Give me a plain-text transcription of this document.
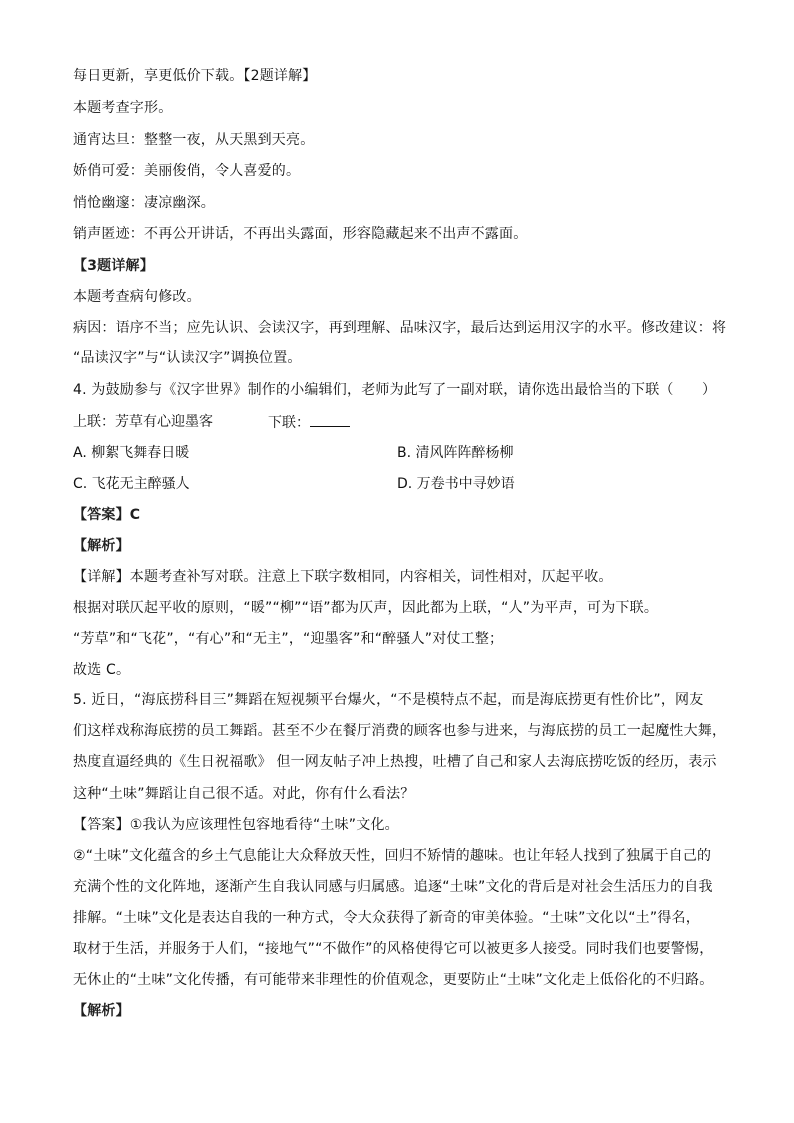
每日更新，享更低价下载。【2题详解】
本题考查字形。
通宵达旦：整整一夜，从天黑到天亮。
娇俏可爱：美丽俊俏，令人喜爱的。
悄怆幽邃：凄凉幽深。
销声匿迹：不再公开讲话，不再出头露面，形容隐藏起来不出声不露面。
【3题详解】
本题考查病句修改。
病因：语序不当；应先认识、会读汉字，再到理解、品味汉字，最后达到运用汉字的水平。修改建议：将
“品读汉字”与“认读汉字”调换位置。
4. 为鼓励参与《汉字世界》制作的小编辑们，老师为此写了一副对联，请你选出最恰当的下联（　　）
上联：芳草有心迎墨客	下联：
A. 柳絮飞舞春日暖	B. 清风阵阵醉杨柳
C. 飞花无主醉骚人	D. 万卷书中寻妙语
【答案】C
【解析】
【详解】本题考查补写对联。注意上下联字数相同，内容相关，词性相对，仄起平收。
根据对联仄起平收的原则，“暖”“柳”“语”都为仄声，因此都为上联，“人”为平声，可为下联。
“芳草”和“飞花”，“有心”和“无主”，“迎墨客”和“醉骚人”对仗工整；
故选 C。
5. 近日，“海底捞科目三”舞蹈在短视频平台爆火，“不是模特点不起，而是海底捞更有性价比”，网友
们这样戏称海底捞的员工舞蹈。甚至不少在餐厅消费的顾客也参与进来，与海底捞的员工一起魔性大舞，
热度直逼经典的《生日祝福歌》 但一网友帖子冲上热搜，吐槽了自己和家人去海底捞吃饭的经历，表示
这种“土味”舞蹈让自己很不适。对此，你有什么看法？
【答案】①我认为应该理性包容地看待“土味”文化。
②“土味”文化蕴含的乡土气息能让大众释放天性，回归不矫情的趣味。也让年轻人找到了独属于自己的
充满个性的文化阵地，逐渐产生自我认同感与归属感。追逐“土味”文化的背后是对社会生活压力的自我
排解。“土味”文化是表达自我的一种方式，令大众获得了新奇的审美体验。“土味”文化以“土”得名，
取材于生活，并服务于人们，“接地气”“不做作”的风格使得它可以被更多人接受。同时我们也要警惕，
无休止的“土味”文化传播，有可能带来非理性的价值观念，更要防止“土味”文化走上低俗化的不归路。
【解析】
